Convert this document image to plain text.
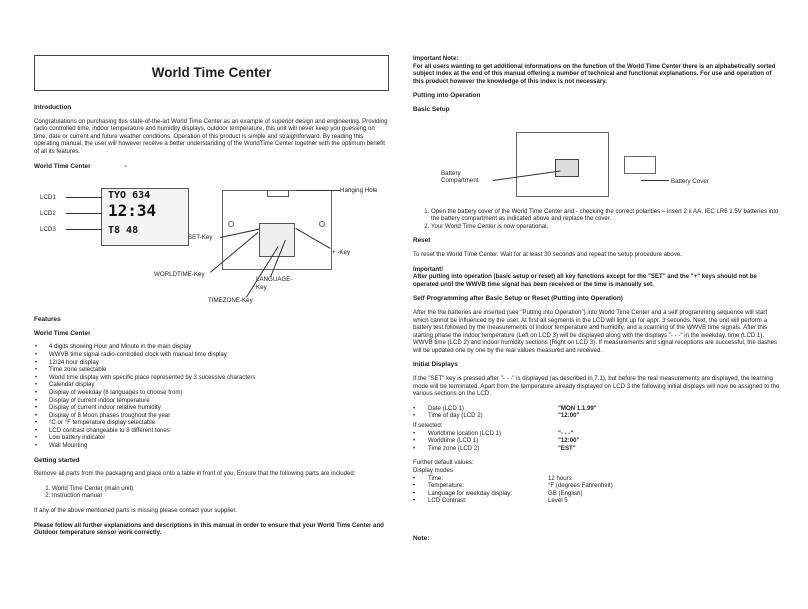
World Time Center
Introduction

Congratulations on purchasing this state-of-the-art World Time Center as an example of superior design and engineering. Providing radio controlled time, indoor temperature and humidity displays, outdoor temperature, this unit will never keep you guessing on time, date or current and future weather conditions. Operation of this product is simple and straightforward. By reading this operating manual, the user will however receive a better understanding of the WorldTime Center together with the optimum benefit of all its features.

World Time Center	-
LCD1
LCD2
LCD3
TYO 634
12:34
T8 48
Hanging Hole
SET-Key
+ -Key
WORLDTIME-Key
LANGUAGE-Key
TIMEZONE-Key
Features
World Time Center
• 4 digits showing Hour and Minute in the main display
• WWVB time signal radio-controlled clock with manual time display
• 12/24 hour display
• Time zone selectable
• World time display with specific place represented by 3 sucessive characters
• Calendar display
• Display of weekday (8 languages to choose from)
• Display of current indoor temperature
• Display of current indoor relative humidity
• Display of 8 Moon phases troughout the year
• °C or °F temperature display selectable
• LCD contrast changeable to 8 different tones
• Low battery indicator
• Wall Mounting
Getting started

Remove all parts from the packaging and place onto a table in front of you. Ensure that the following parts are included:

1. World Time Center (main unit)
2. Instruction manual

If any of the above mentioned parts is missing please contact your supplier.

Please follow all further explanations and descriptions in this manual in order to ensure that your World Time Center and Outdoor temperature sensor work correctly.

Important Note:

For all users wanting to get additional informations on the function of the World Time Center there is an alphabetically sorted subject index at the end of this manual offering a number of technical and functional explanations. For use and operation of this product however the knowledge of this index is not necessary.

Putting into Operation
Basic Setup
Battery Compartment	Battery Cover
1. Open the battery cover of the World Time Center and - checking the correct polarities – insert 2 x AA, IEC LR6 1.5V batteries into the battery compartment as indicated above and replace the cover.
2. Your World Time Center is now operational.
Reset

To reset the World Time Center. Wait for at least 30 seconds and repeat the setup procedure above.

Important!

After putting into operation (basic setup or reset) all key functions except for the "SET" and the "+" keys should not be operated until the WWVB time signal has been received or the time is manually set.

Self Programming after Basic Setup or Reset (Putting into Operation)

After the the batteries are inserted (see "Putting into Operation") into World Time Center and a self programming sequence will start which cannot be influenced by the user. At first all segments in the LCD will light up for appr. 3 seconds. Next, the unit will perform a battery test followed by the measurements of indoor temperature and humidity, and a scanning of the WWVB time signals. After this starting phase the indoor temperature (Left on LCD 3) will be displayed along with the displays "- - -" in the weekday, time (LCD 1), WWVB time (LCD 2) and indoor humidity sections (Right on LCD 3). If measurements and signal receptions are successful, the dashes will be updated one by one by the real values measured and received.

Initial Displays

If the "SET" key is pressed after "- - -" is displayed (as described in 7.1), but before the real measurements are displayed, the learning mode will be terminated. Apart from the temperature already displayed on LCD 3 the following initial displays will now be assigned to the various sections on the LCD:

•	Date (LCD 1)	"MON 1.1.99"
•	Time of day (LCD 2)	"12:00"

If selected:

•	Worldtime location (LCD 1)	"- - -"
•	Worldtime (LCD 1)	"12:00"
•	Time zone (LCD 2)	"EST"

Further default values:

Display modes

•	Time:	12 hours
•	Temperature:	°F (degrees Fahrenheit)
•	Language for weekday display:	GB (English)
•	LCD Contrast:	Level 5
Note:
